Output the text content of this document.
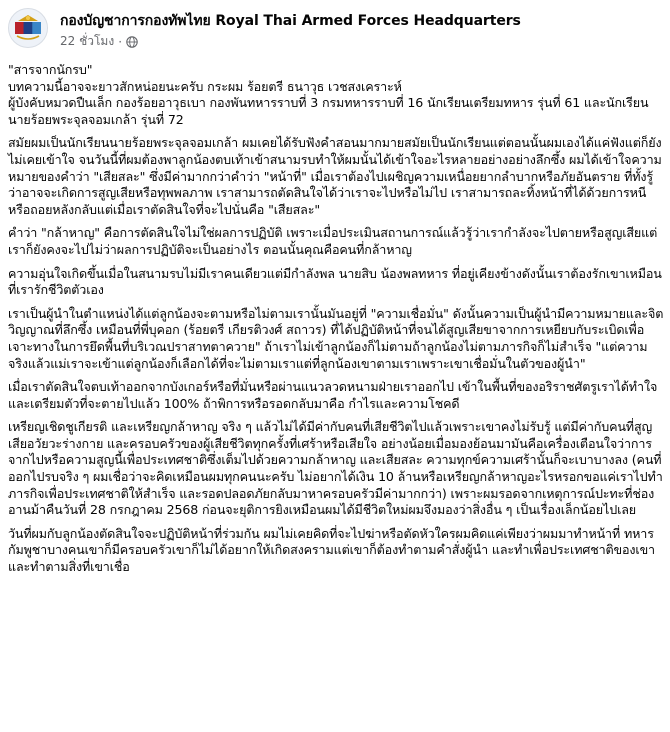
กองบัญชาการกองทัพไทย Royal Thai Armed Forces Headquarters
22 ชั่วโมง ·

"สารจากนักรบ"
บทความนี้อาจจะยาวสักหน่อยนะครับ กระผม ร้อยตรี ธนาวุธ เวชสงเคราะห์
ผู้บังคับหมวดปืนเล็ก กองร้อยอาวุธเบา กองพันทหารราบที่ 3 กรมทหารราบที่ 16 นักเรียนเตรียมทหาร รุ่นที่ 61 และนักเรียนนายร้อยพระจุลจอมเกล้า รุ่นที่ 72

สมัยผมเป็นนักเรียนนายร้อยพระจุลจอมเกล้า ผมเคยได้รับฟังคำสอนมากมายสมัยเป็นนักเรียนแต่ตอนนั้นผมเองได้แค่ฟังแต่ก็ยังไม่เคยเข้าใจ จนวันนี้ที่ผมต้องพาลูกน้องตบเท้าเข้าสนามรบทำให้ผมนั้นได้เข้าใจอะไรหลายอย่างอย่างลึกซึ้ง ผมได้เข้าใจความหมายของคำว่า "เสียสละ" ซึ่งมีค่ามากกว่าคำว่า "หน้าที่" เมื่อเราต้องไปเผชิญความเหนื่อยยากลำบากหรือภัยอันตราย ที่ทั้งรู้ว่าอาจจะเกิดการสูญเสียหรือทุพพลภาพ เราสามารถตัดสินใจได้ว่าเราจะไปหรือไม่ไป เราสามารถละทิ้งหน้าที่ได้ด้วยการหนีหรือถอยหลังกลับแต่เมื่อเราตัดสินใจที่จะไปนั่นคือ "เสียสละ"

คำว่า "กล้าหาญ" คือการตัดสินใจไม่ใช่ผลการปฏิบัติ เพราะเมื่อประเมินสถานการณ์แล้วรู้ว่าเรากำลังจะไปตายหรือสูญเสียแต่เราก็ยังคงจะไปไม่ว่าผลการปฏิบัติจะเป็นอย่างไร ตอนนั้นคุณคือคนที่กล้าหาญ

ความอุ่นใจเกิดขึ้นเมื่อในสนามรบไม่มีเราคนเดียวแต่มีกำลังพล นายสิบ น้องพลทหาร ที่อยู่เคียงข้างดังนั้นเราต้องรักเขาเหมือนที่เรารักชีวิตตัวเอง

เราเป็นผู้นำในตำแหน่งได้แต่ลูกน้องจะตามหรือไม่ตามเรานั้นมันอยู่ที่ "ความเชื่อมั่น" ดังนั้นความเป็นผู้นำมีความหมายและจิตวิญญาณที่ลึกซึ้ง เหมือนที่พี่บุคอก (ร้อยตรี เกียรติวงศ์ สถาวร) ที่ได้ปฏิบัติหน้าที่จนได้สูญเสียขาจากการเหยียบกับระเบิดเพื่อเจาะทางในการยึดพื้นที่บริเวณปราสาทตาควาย" ถ้าเราไม่เข้าลูกน้องก็ไม่ตามถ้าลูกน้องไม่ตามภารกิจก็ไม่สำเร็จ "แต่ความจริงแล้วแม่เราจะเข้าแต่ลูกน้องก็เลือกได้ที่จะไม่ตามเราแต่ที่ลูกน้องเขาตามเราเพราะเขาเชื่อมั่นในตัวของผู้นำ"

เมื่อเราตัดสินใจตบเท้าออกจากบังเกอร์หรือที่มั่นหรือผ่านแนวลวดหนามฝ่ายเราออกไป เข้าในพื้นที่ของอริราชศัตรูเราได้ทำใจ และเตรียมตัวที่จะตายไปแล้ว 100% ถ้าพิการหรือรอดกลับมาคือ กำไรและความโชคดี

เหรียญเชิดชูเกียรติ และเหรียญกล้าหาญ จริง ๆ แล้วไม่ได้มีค่ากับคนที่เสียชีวิตไปแล้วเพราะเขาคงไม่รับรู้ แต่มีค่ากับคนที่สูญเสียอวัยวะร่างกาย และครอบครัวของผู้เสียชีวิตทุกครั้งที่เศร้าหรือเสียใจ อย่างน้อยเมื่อมองย้อนมามันคือเครื่องเตือนใจว่าการจากไปหรือความสูญนี้เพื่อประเทศชาติซึ่งเต็มไปด้วยความกล้าหาญ และเสียสละ ความทุกข์ความเศร้านั้นก็จะเบาบางลง (คนที่ออกไปรบจริง ๆ ผมเชื่อว่าจะคิดเหมือนผมทุกคนนะครับ ไม่อยากได้เงิน 10 ล้านหรือเหรียญกล้าหาญอะไรหรอกขอแค่เราไปทำภารกิจเพื่อประเทศชาติให้สำเร็จ และรอดปลอดภัยกลับมาหาครอบครัวมีค่ามากกว่า) เพราะผมรอดจากเหตุการณ์ปะทะที่ช่องอานม้าคืนวันที่ 28 กรกฎาคม 2568 ก่อนจะยุติการยิงเหมือนผมได้มีชีวิตใหม่ผมจึงมองว่าสิ่งอื่น ๆ เป็นเรื่องเล็กน้อยไปเลย

วันที่ผมกับลูกน้องตัดสินใจจะปฏิบัติหน้าที่ร่วมกัน ผมไม่เคยคิดที่จะไปฆ่าหรือตัดหัวใครผมคิดแค่เพียงว่าผมมาทำหน้าที่ ทหารกัมพูชาบางคนเขาก็มีครอบครัวเขาก็ไม่ได้อยากให้เกิดสงครามแต่เขาก็ต้องทำตามคำสั่งผู้นำ และทำเพื่อประเทศชาติของเขา และทำตามสิ่งที่เขาเชื่อ
